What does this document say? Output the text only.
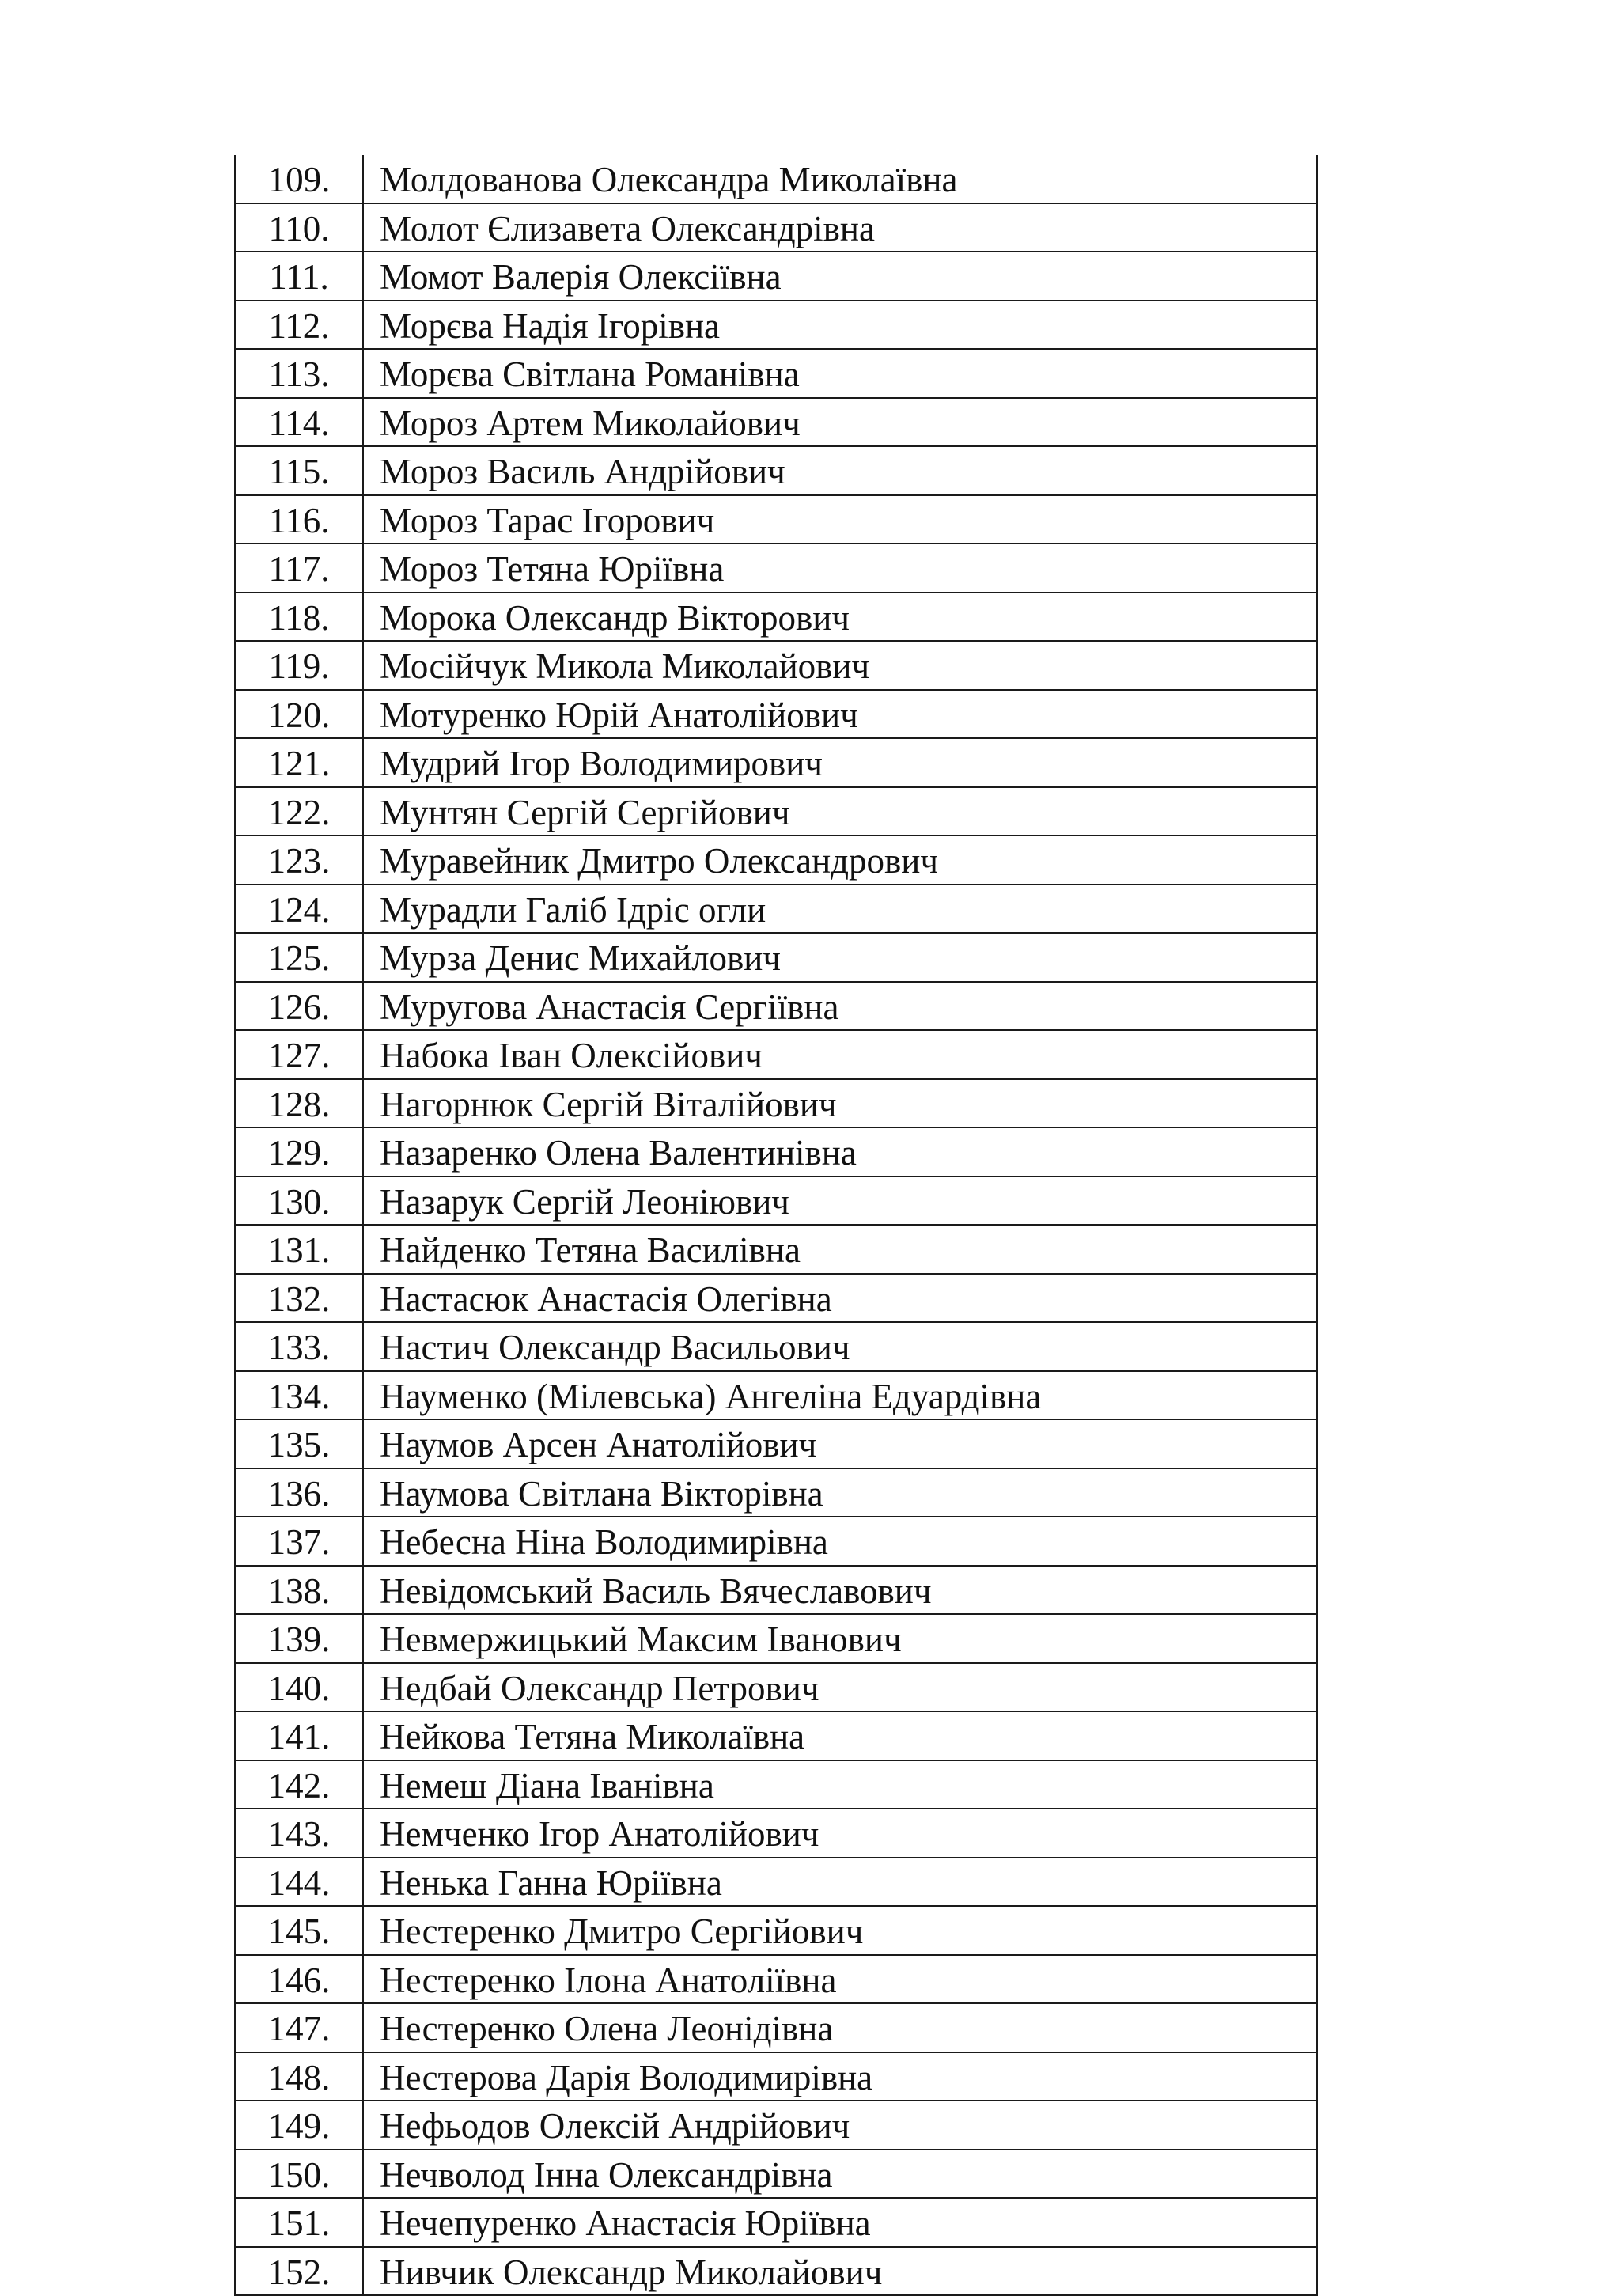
109.	Молдованова Олександра Миколаївна
110.	Молот Єлизавета Олександрівна
111.	Момот Валерія Олексіївна
112.	Морєва Надія Ігорівна
113.	Морєва Світлана Романівна
114.	Мороз Артем Миколайович
115.	Мороз Василь Андрійович
116.	Мороз Тарас Ігорович
117.	Мороз Тетяна Юріївна
118.	Морока Олександр Вікторович
119.	Мосійчук Микола Миколайович
120.	Мотуренко Юрій Анатолійович
121.	Мудрий Ігор Володимирович
122.	Мунтян Сергій Сергійович
123.	Муравейник Дмитро Олександрович
124.	Мурадли Галіб Ідріс огли
125.	Мурза Денис Михайлович
126.	Муругова Анастасія Сергіївна
127.	Набока Іван Олексійович
128.	Нагорнюк Сергій Віталійович
129.	Назаренко Олена Валентинівна
130.	Назарук Сергій Леоніювич
131.	Найденко Тетяна Василівна
132.	Настасюк Анастасія Олегівна
133.	Настич Олександр Васильович
134.	Науменко (Мілевська) Ангеліна Едуардівна
135.	Наумов Арсен Анатолійович
136.	Наумова Світлана Вікторівна
137.	Небесна Ніна Володимирівна
138.	Невідомський Василь Вячеславович
139.	Невмержицький Максим Іванович
140.	Недбай Олександр Петрович
141.	Нейкова Тетяна Миколаївна
142.	Немеш Діана Іванівна
143.	Немченко Ігор Анатолійович
144.	Ненька Ганна Юріївна
145.	Нестеренко Дмитро Сергійович
146.	Нестеренко Ілона Анатоліївна
147.	Нестеренко Олена Леонідівна
148.	Нестерова Дарія Володимирівна
149.	Нефьодов Олексій Андрійович
150.	Нечволод Інна Олександрівна
151.	Нечепуренко Анастасія Юріївна
152.	Нивчик Олександр Миколайович
